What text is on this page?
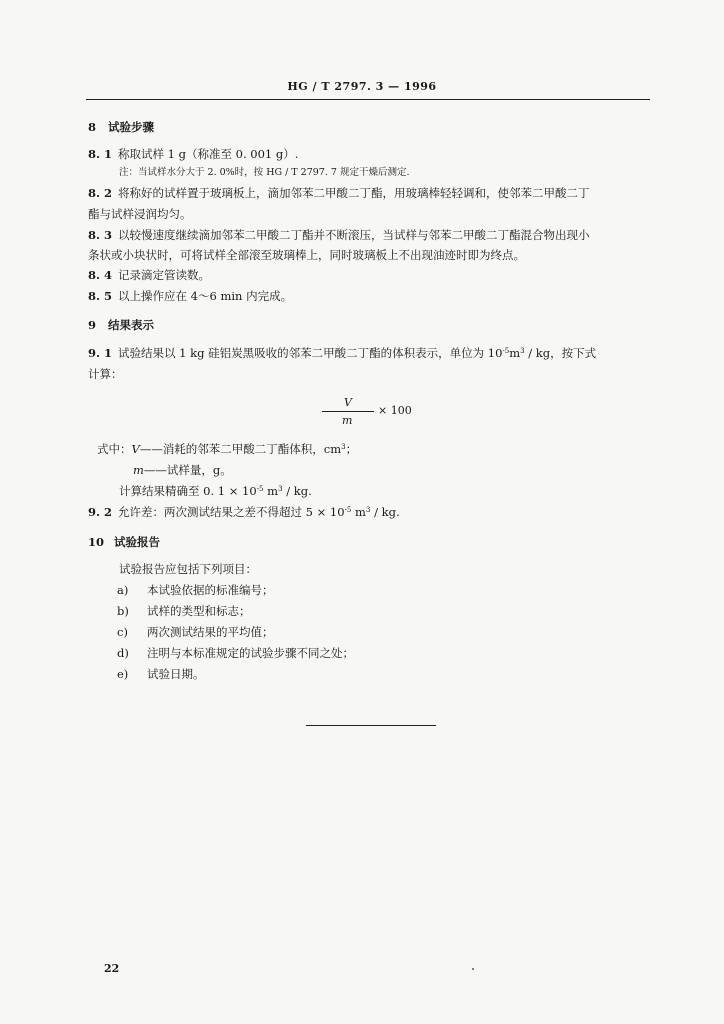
HG / T 2797. 3 — 1996
8 试验步骤
8. 1 称取试样 1 g（称准至 0. 001 g）.
注：当试样水分大于 2. 0%时，按 HG / T 2797. 7 规定干燥后测定.
8. 2 将称好的试样置于玻璃板上，滴加邻苯二甲酸二丁酯，用玻璃棒轻轻调和，使邻苯二甲酸二丁
酯与试样浸润均匀。
8. 3 以较慢速度继续滴加邻苯二甲酸二丁酯并不断滚压，当试样与邻苯二甲酸二丁酯混合物出现小
条状或小块状时，可将试样全部滚至玻璃棒上，同时玻璃板上不出现油迹时即为终点。
8. 4 记录滴定管读数。
8. 5 以上操作应在 4～6 min 内完成。
9 结果表示
9. 1 试验结果以 1 kg 硅铝炭黑吸收的邻苯二甲酸二丁酯的体积表示，单位为 $10^{-5}m^3$ / kg，按下式
计算：
V
m
× 100
式中：V——消耗的邻苯二甲酸二丁酯体积，$cm^3$；
m——试样量，g。
计算结果精确至 0. $1 \times 10^{-5}$ $m^3$ / kg.
9. 2 允许差：两次测试结果之差不得超过 $5 \times 10^{-5}$ $m^3$ / kg.
10 试验报告
试验报告应包括下列项目：
a) 本试验依据的标准编号；
b) 试样的类型和标志；
c) 两次测试结果的平均值；
d) 注明与本标准规定的试验步骤不同之处；
e) 试验日期。
22
